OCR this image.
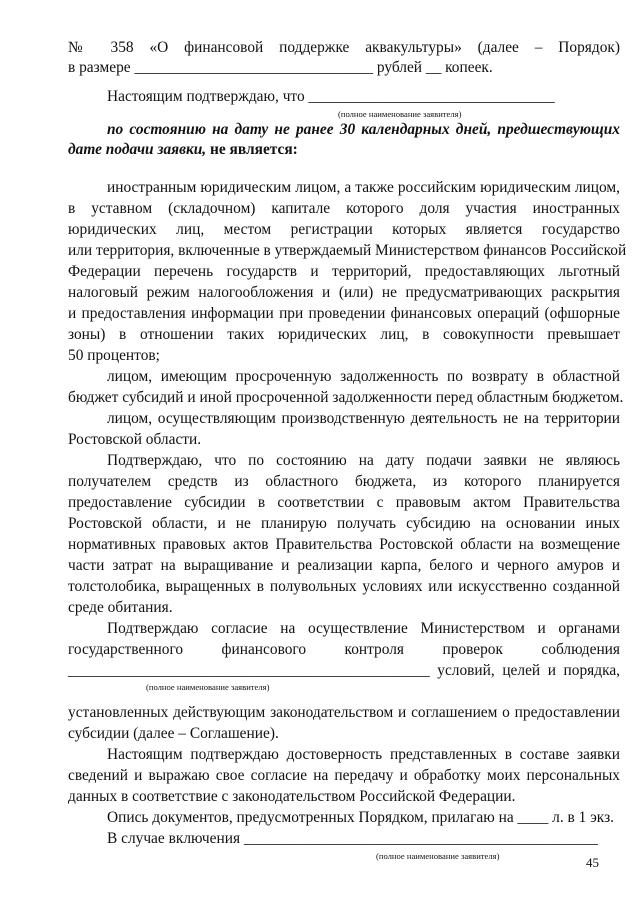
№ 358 «О финансовой поддержке аквакультуры» (далее – Порядок)
в размере _______________________________ рублей __ копеек.
Настоящим подтверждаю, что ________________________________
(полное наименование заявителя)
по состоянию на дату не ранее 30 календарных дней, предшествующих
дате подачи заявки, не является:
иностранным юридическим лицом, а также российским юридическим лицом,
в уставном (складочном) капитале которого доля участия иностранных
юридических лиц, местом регистрации которых является государство
или территория, включенные в утверждаемый Министерством финансов Российской
Федерации перечень государств и территорий, предоставляющих льготный
налоговый режим налогообложения и (или) не предусматривающих раскрытия
и предоставления информации при проведении финансовых операций (офшорные
зоны) в отношении таких юридических лиц, в совокупности превышает
50 процентов;
лицом, имеющим просроченную задолженность по возврату в областной
бюджет субсидий и иной просроченной задолженности перед областным бюджетом.
лицом, осуществляющим производственную деятельность не на территории
Ростовской области.
Подтверждаю, что по состоянию на дату подачи заявки не являюсь
получателем средств из областного бюджета, из которого планируется
предоставление субсидии в соответствии с правовым актом Правительства
Ростовской области, и не планирую получать субсидию на основании иных
нормативных правовых актов Правительства Ростовской области на возмещение
части затрат на выращивание и реализации карпа, белого и черного амуров и
толстолобика, выращенных в полувольных условиях или искусственно созданной
среде обитания.
Подтверждаю согласие на осуществление Министерством и органами
государственного финансового контроля проверок соблюдения
_______________________________________________ условий, целей и порядка,
(полное наименование заявителя)
установленных действующим законодательством и соглашением о предоставлении
субсидии (далее – Соглашение).
Настоящим подтверждаю достоверность представленных в составе заявки
сведений и выражаю свое согласие на передачу и обработку моих персональных
данных в соответствие с законодательством Российской Федерации.
Опись документов, предусмотренных Порядком, прилагаю на ____ л. в 1 экз.
В случае включения ______________________________________________
(полное наименование заявителя)	45
